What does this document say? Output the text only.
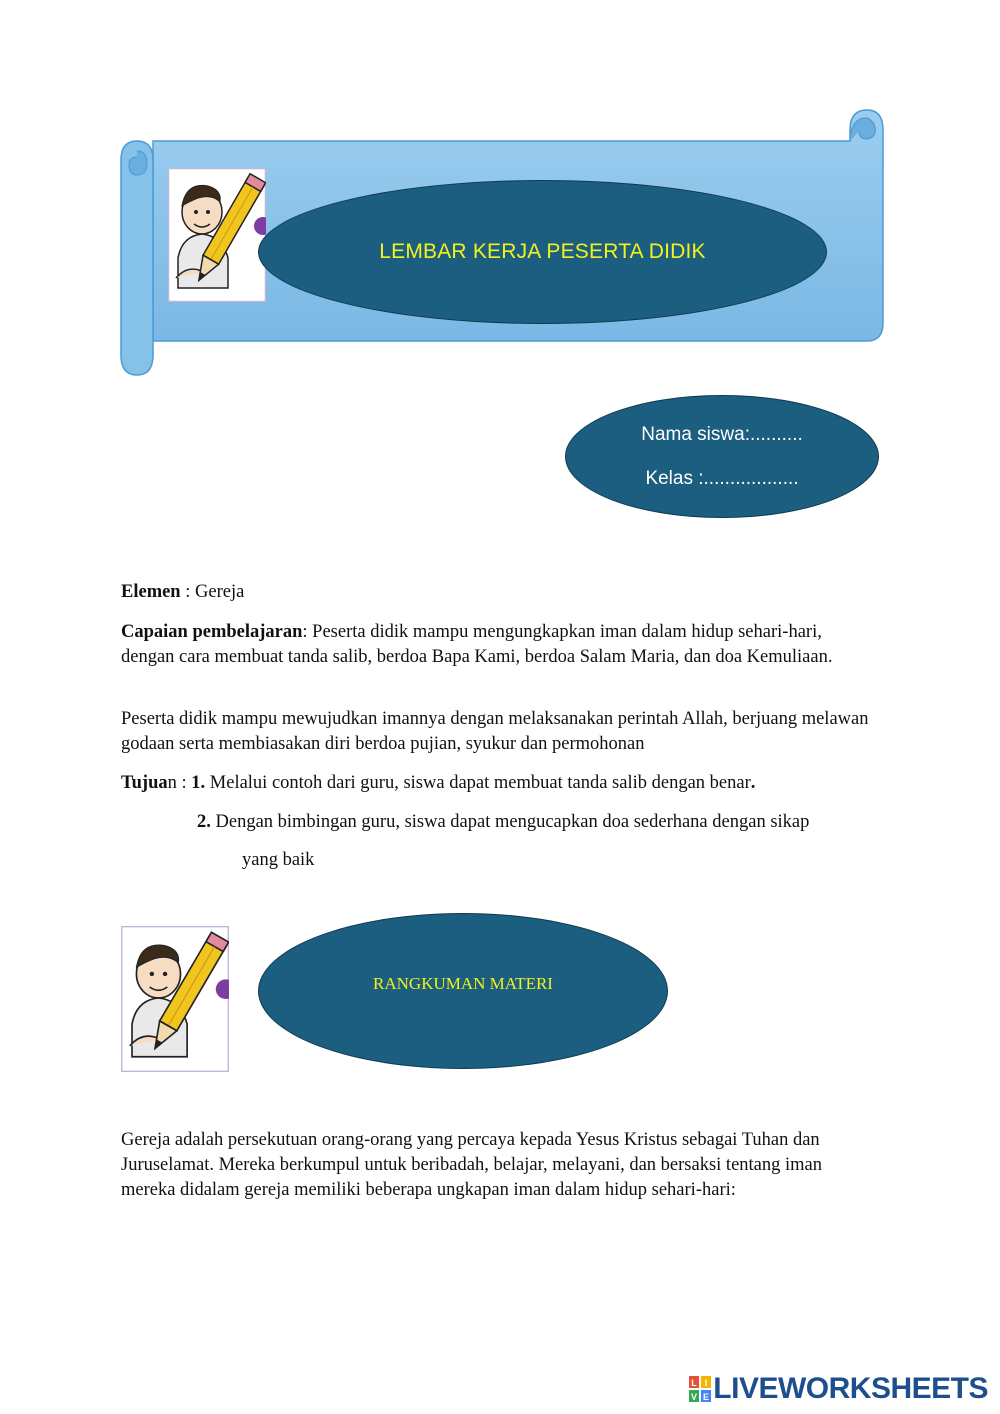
LEMBAR KERJA PESERTA DIDIK
Nama siswa:..........
Kelas :..................
Elemen : Gereja
Capaian pembelajaran: Peserta didik mampu mengungkapkan iman dalam hidup sehari-hari, dengan cara membuat tanda salib, berdoa Bapa Kami, berdoa Salam Maria, dan doa Kemuliaan.
Peserta didik mampu mewujudkan imannya dengan melaksanakan perintah Allah, berjuang melawan godaan serta membiasakan diri berdoa pujian, syukur dan permohonan
Tujuan : 1. Melalui contoh dari guru, siswa dapat membuat tanda salib dengan benar.
2. Dengan bimbingan guru, siswa dapat mengucapkan doa sederhana dengan sikap
yang baik
RANGKUMAN MATERI
Gereja adalah persekutuan orang-orang yang percaya kepada Yesus Kristus sebagai Tuhan dan Juruselamat. Mereka berkumpul untuk beribadah, belajar, melayani, dan bersaksi tentang iman mereka didalam gereja memiliki beberapa ungkapan iman dalam hidup sehari-hari:
L I
V E LIVEWORKSHEETS
